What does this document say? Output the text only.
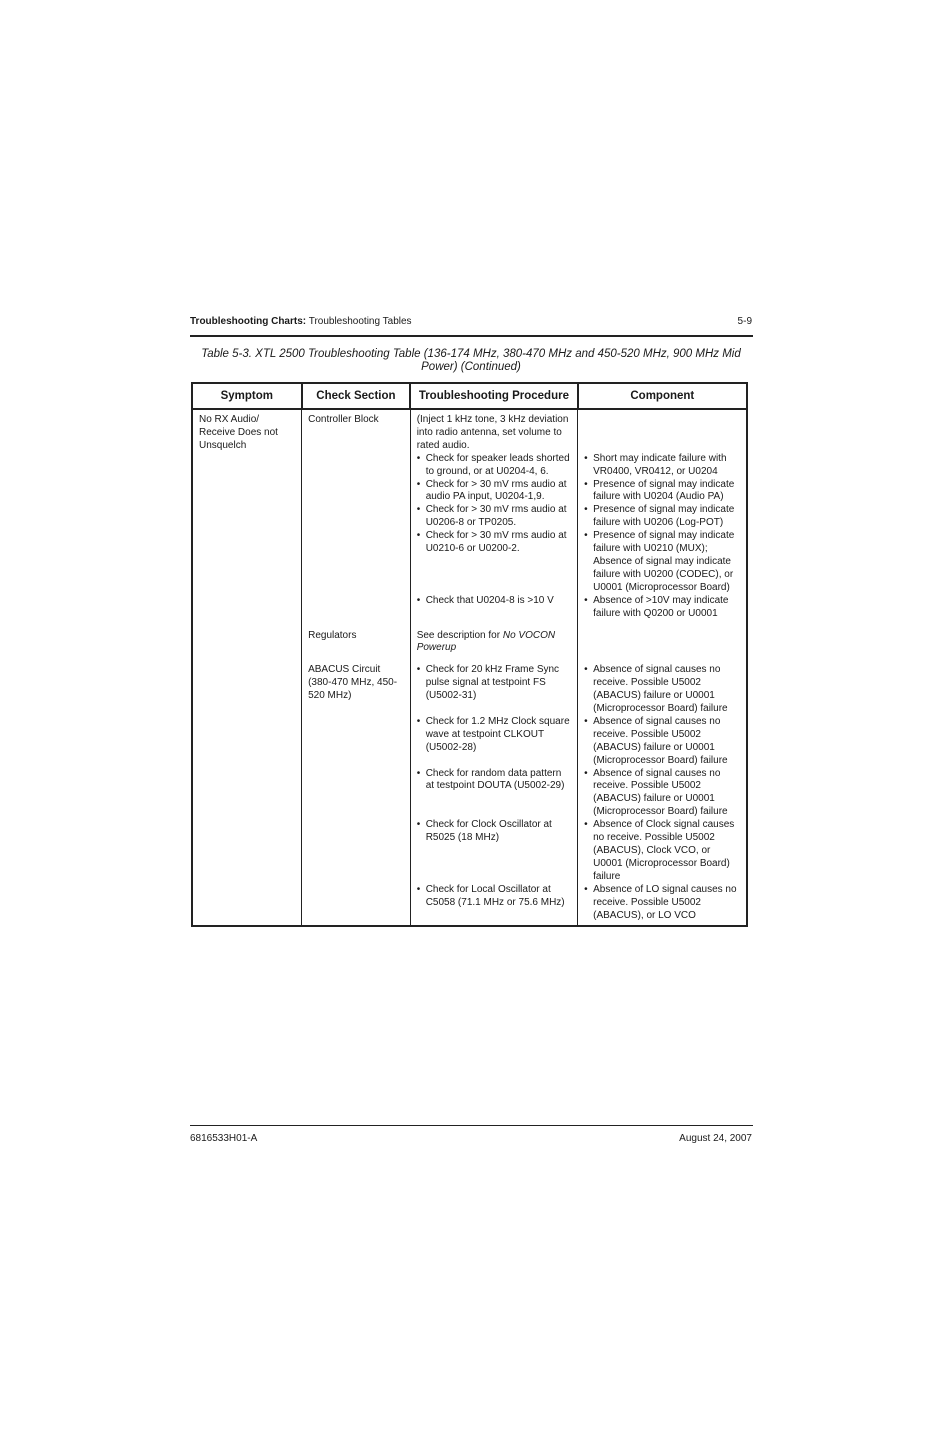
Troubleshooting Charts: Troubleshooting Tables	5-9
Table 5-3. XTL 2500 Troubleshooting Table (136-174 MHz, 380-470 MHz and 450-520 MHz, 900 MHz Mid
Power) (Continued)
Symptom	Check Section	Troubleshooting Procedure	Component
No RX Audio/ Receive Does not Unsquelch	Controller Block	(Inject 1 kHz tone, 3 kHz deviation into radio antenna, set volume to rated audio.	

		• Check for speaker leads shorted to ground, or at U0204-4, 6.	• Short may indicate failure with VR0400, VR0412, or U0204

		• Check for > 30 mV rms audio at audio PA input, U0204-1,9.	• Presence of signal may indicate failure with U0204 (Audio PA)

		• Check for > 30 mV rms audio at U0206-8 or TP0205.	• Presence of signal may indicate failure with U0206 (Log-POT)

		• Check for > 30 mV rms audio at U0210-6 or U0200-2.	• Presence of signal may indicate failure with U0210 (MUX); Absence of signal may indicate failure with U0200 (CODEC), or U0001 (Microprocessor Board)

		• Check that U0204-8 is >10 V	• Absence of >10V may indicate failure with Q0200 or U0001

	Regulators	See description for No VOCON Powerup	

	ABACUS Circuit (380-470 MHz, 450-520 MHz)	• Check for 20 kHz Frame Sync pulse signal at testpoint FS (U5002-31)	• Absence of signal causes no receive. Possible U5002 (ABACUS) failure or U0001 (Microprocessor Board) failure

		• Check for 1.2 MHz Clock square wave at testpoint CLKOUT (U5002-28)	• Absence of signal causes no receive. Possible U5002 (ABACUS) failure or U0001 (Microprocessor Board) failure

		• Check for random data pattern at testpoint DOUTA (U5002-29)	• Absence of signal causes no receive. Possible U5002 (ABACUS) failure or U0001 (Microprocessor Board) failure

		• Check for Clock Oscillator at R5025 (18 MHz)	• Absence of Clock signal causes no receive. Possible U5002 (ABACUS), Clock VCO, or U0001 (Microprocessor Board) failure

		• Check for Local Oscillator at C5058 (71.1 MHz or 75.6 MHz)	• Absence of LO signal causes no receive. Possible U5002 (ABACUS), or LO VCO
6816533H01-A	August 24, 2007
